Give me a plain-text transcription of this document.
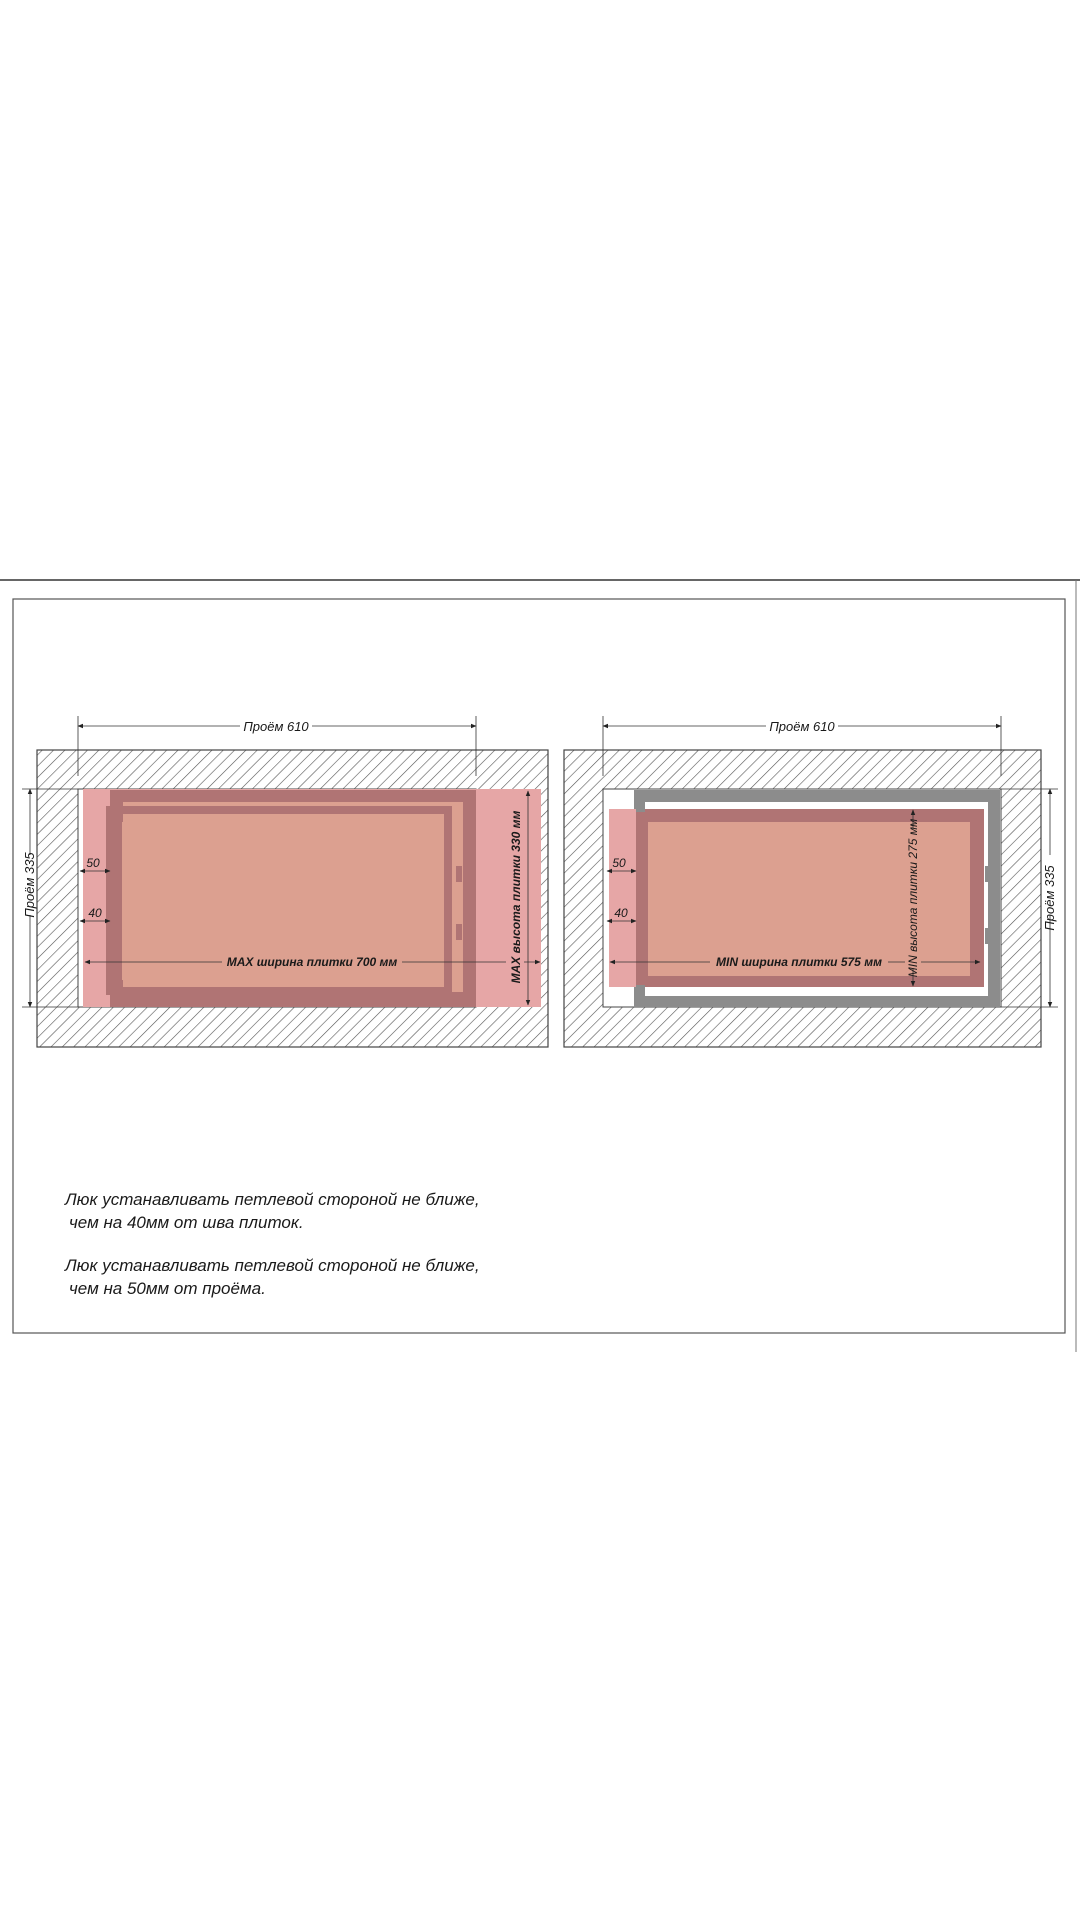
Проём 610
Проём 335	50
40
MAX ширина плитки 700 мм	MAX высота плитки 330 мм
Проём 610
Проём 335
50
40
MIN ширина плитки 575 мм MIN высота плитки 275 мм
Люк устанавливать петлевой стороной не ближе,
чем на 40мм от шва плиток.
Люк устанавливать петлевой стороной не ближе,
чем на 50мм от проёма.
